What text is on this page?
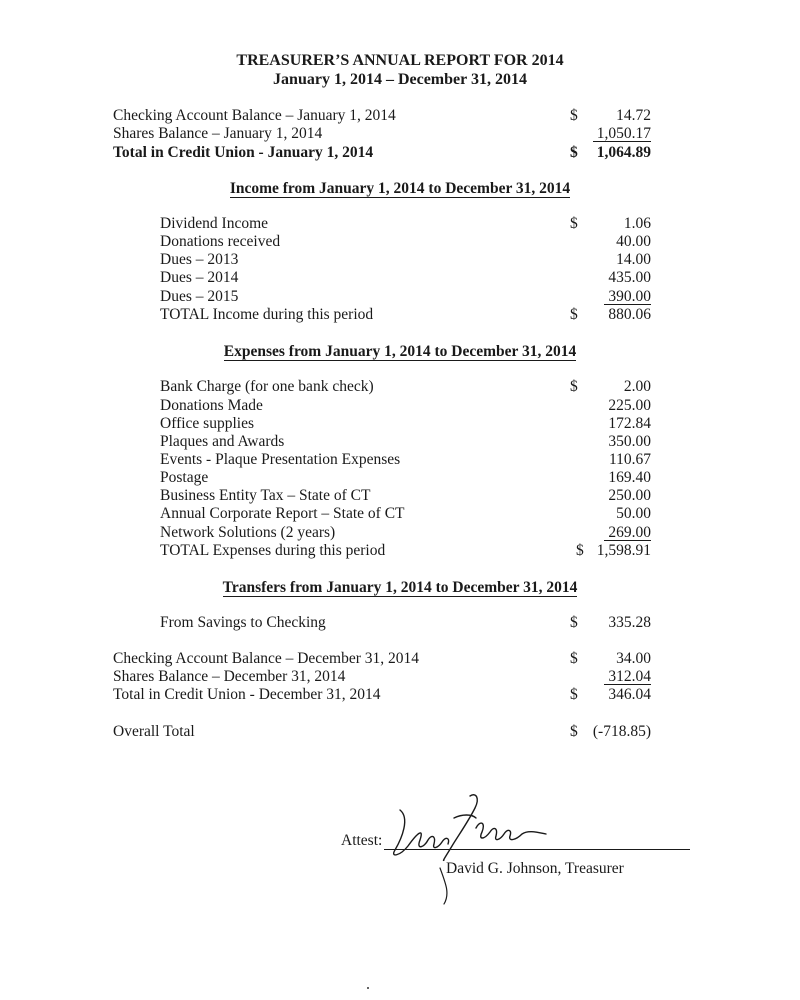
TREASURER’S ANNUAL REPORT FOR 2014
January 1, 2014 – December 31, 2014
Checking Account Balance – January 1, 2014	$	14.72
Shares Balance – January 1, 2014	1,050.17
Total in Credit Union - January 1, 2014	$	1,064.89
Income from January 1, 2014 to December 31, 2014
Dividend Income	$	1.06
Donations received	40.00
Dues – 2013	14.00
Dues – 2014	435.00
Dues – 2015	390.00
TOTAL Income during this period	$	880.06
Expenses from January 1, 2014 to December 31, 2014
Bank Charge (for one bank check)	$	2.00
Donations Made	225.00
Office supplies	172.84
Plaques and Awards	350.00
Events - Plaque Presentation Expenses	110.67
Postage	169.40
Business Entity Tax – State of CT	250.00
Annual Corporate Report – State of CT	50.00
Network Solutions (2 years)	269.00
TOTAL Expenses during this period	$ 1,598.91
Transfers from January 1, 2014 to December 31, 2014
From Savings to Checking	$	335.28
Checking Account Balance – December 31, 2014	$	34.00
Shares Balance – December 31, 2014	312.04
Total in Credit Union - December 31, 2014	$	346.04
Overall Total	$ (-718.85)
Attest:
David G. Johnson, Treasurer
